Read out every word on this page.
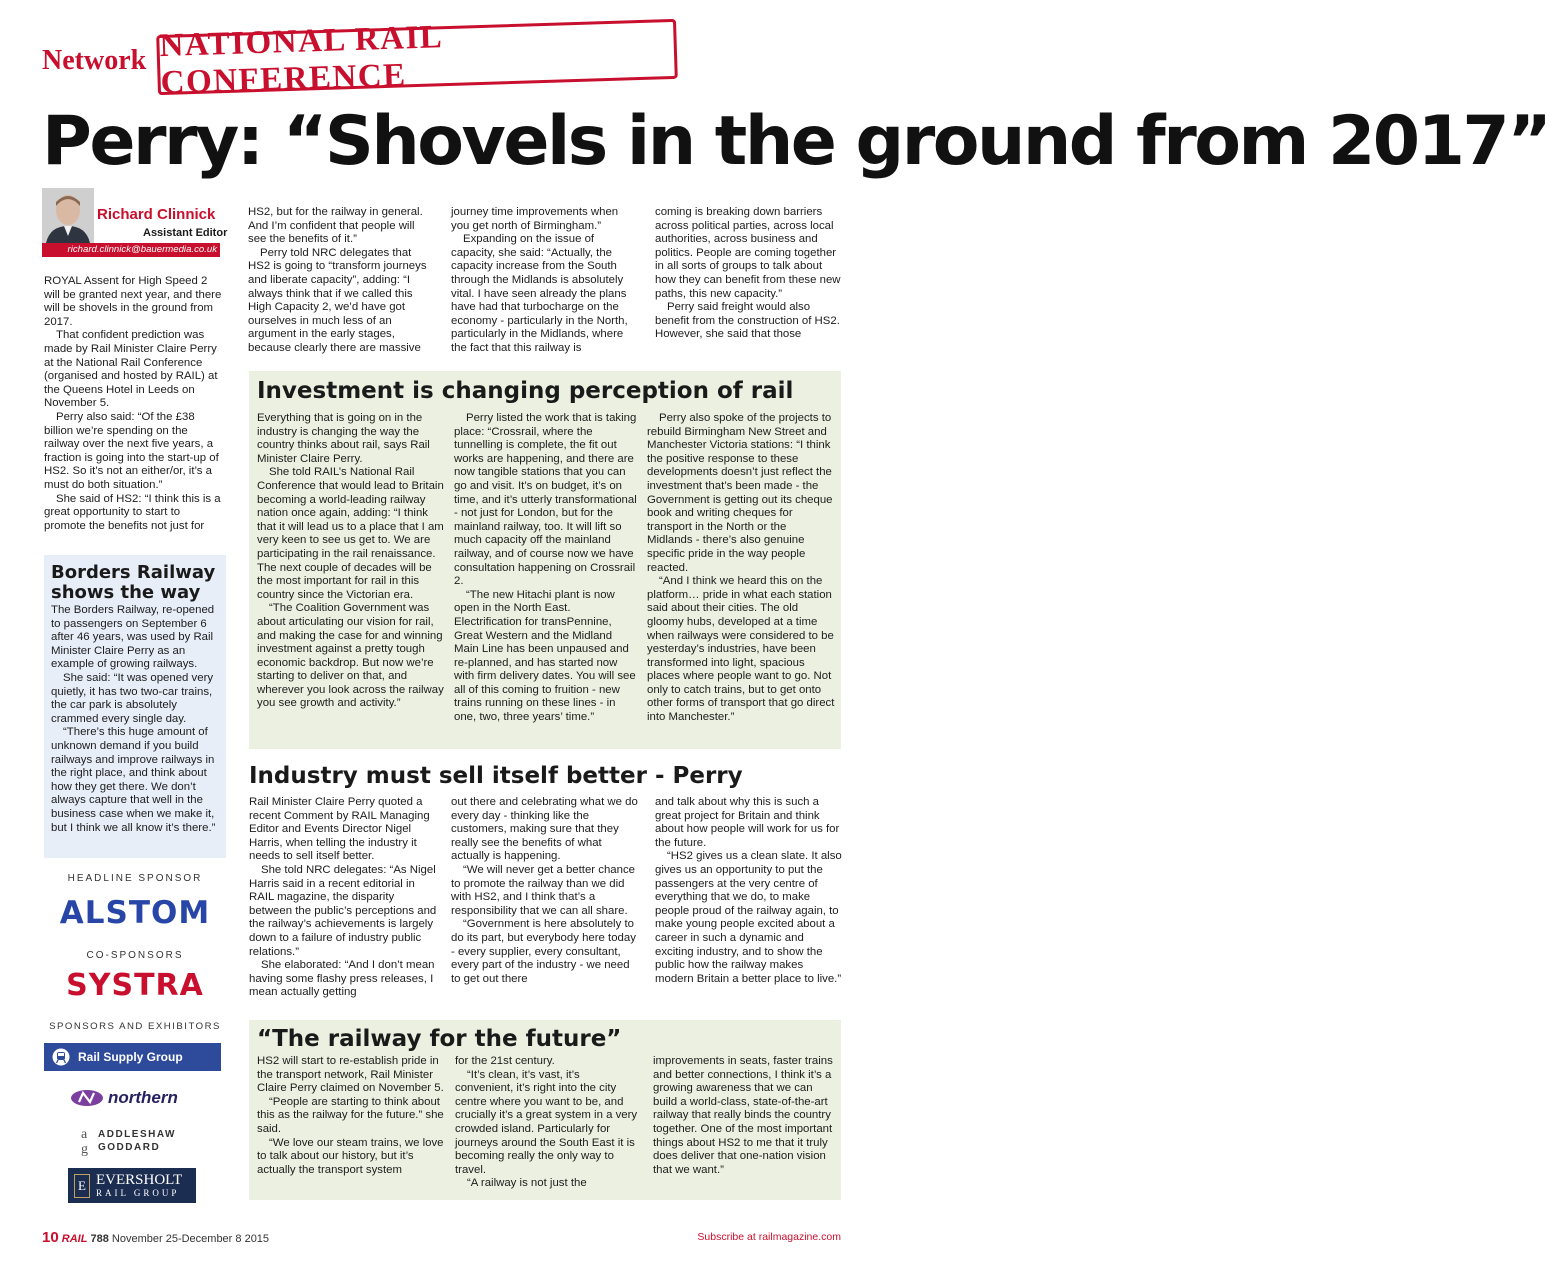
Network NATIONAL RAIL CONFERENCE
Perry: “Shovels in the ground from 2017”
Richard Clinnick
Assistant Editor
richard.clinnick@bauermedia.co.uk

ROYAL Assent for High Speed 2 will be granted next year, and there will be shovels in the ground from 2017.

That confident prediction was made by Rail Minister Claire Perry at the National Rail Conference (organised and hosted by RAIL) at the Queens Hotel in Leeds on November 5.

Perry also said: “Of the £38 billion we’re spending on the railway over the next five years, a fraction is going into the start-up of HS2. So it’s not an either/or, it’s a must do both situation.”

She said of HS2: “I think this is a great opportunity to start to promote the benefits not just for

HS2, but for the railway in general. And I’m confident that people will see the benefits of it.”

Perry told NRC delegates that HS2 is going to “transform journeys and liberate capacity”, adding: “I always think that if we called this High Capacity 2, we’d have got ourselves in much less of an argument in the early stages, because clearly there are massive

journey time improvements when you get north of Birmingham.”

Expanding on the issue of capacity, she said: “Actually, the capacity increase from the South through the Midlands is absolutely vital. I have seen already the plans have had that turbocharge on the economy - particularly in the North, particularly in the Midlands, where the fact that this railway is

coming is breaking down barriers across political parties, across local authorities, across business and politics. People are coming together in all sorts of groups to talk about how they can benefit from these new paths, this new capacity.”

Perry said freight would also benefit from the construction of HS2. However, she said that those

Borders Railway shows the way

The Borders Railway, re-opened to passengers on September 6 after 46 years, was used by Rail Minister Claire Perry as an example of growing railways.

She said: “It was opened very quietly, it has two two-car trains, the car park is absolutely crammed every single day.

“There’s this huge amount of unknown demand if you build railways and improve railways in the right place, and think about how they get there. We don’t always capture that well in the business case when we make it, but I think we all know it’s there.”

HEADLINE SPONSOR
ALSTOM
CO-SPONSORS
SYSTRA
SPONSORS AND EXHIBITORS
Rail Supply Group
northern
a
g
ADDLESHAW
GODDARD
E EVERSHOLT
RAIL GROUP
Investment is changing perception of rail

Everything that is going on in the industry is changing the way the country thinks about rail, says Rail Minister Claire Perry.

She told RAIL’s National Rail Conference that would lead to Britain becoming a world-leading railway nation once again, adding: “I think that it will lead us to a place that I am very keen to see us get to. We are participating in the rail renaissance. The next couple of decades will be the most important for rail in this country since the Victorian era.

“The Coalition Government was about articulating our vision for rail, and making the case for and winning investment against a pretty tough economic backdrop. But now we’re starting to deliver on that, and wherever you look across the railway you see growth and activity.”

Perry listed the work that is taking place: “Crossrail, where the tunnelling is complete, the fit out works are happening, and there are now tangible stations that you can go and visit. It’s on budget, it’s on time, and it’s utterly transformational - not just for London, but for the mainland railway, too. It will lift so much capacity off the mainland railway, and of course now we have consultation happening on Crossrail 2.

“The new Hitachi plant is now open in the North East. Electrification for transPennine, Great Western and the Midland Main Line has been unpaused and re-planned, and has started now with firm delivery dates. You will see all of this coming to fruition - new trains running on these lines - in one, two, three years’ time.”

Perry also spoke of the projects to rebuild Birmingham New Street and Manchester Victoria stations: “I think the positive response to these developments doesn’t just reflect the investment that’s been made - the Government is getting out its cheque book and writing cheques for transport in the North or the Midlands - there’s also genuine specific pride in the way people reacted.

“And I think we heard this on the platform… pride in what each station said about their cities. The old gloomy hubs, developed at a time when railways were considered to be yesterday’s industries, have been transformed into light, spacious places where people want to go. Not only to catch trains, but to get onto other forms of transport that go direct into Manchester.”

Industry must sell itself better - Perry

Rail Minister Claire Perry quoted a recent Comment by RAIL Managing Editor and Events Director Nigel Harris, when telling the industry it needs to sell itself better.

She told NRC delegates: “As Nigel Harris said in a recent editorial in RAIL magazine, the disparity between the public’s perceptions and the railway’s achievements is largely down to a failure of industry public relations.”

She elaborated: “And I don’t mean having some flashy press releases, I mean actually getting

out there and celebrating what we do every day - thinking like the customers, making sure that they really see the benefits of what actually is happening.

“We will never get a better chance to promote the railway than we did with HS2, and I think that’s a responsibility that we can all share.

“Government is here absolutely to do its part, but everybody here today - every supplier, every consultant, every part of the industry - we need to get out there

and talk about why this is such a great project for Britain and think about how people will work for us for the future.

“HS2 gives us a clean slate. It also gives us an opportunity to put the passengers at the very centre of everything that we do, to make people proud of the railway again, to make young people excited about a career in such a dynamic and exciting industry, and to show the public how the railway makes modern Britain a better place to live.”

“The railway for the future”

HS2 will start to re-establish pride in the transport network, Rail Minister Claire Perry claimed on November 5.

“People are starting to think about this as the railway for the future.” she said.

“We love our steam trains, we love to talk about our history, but it’s actually the transport system

for the 21st century.

“It’s clean, it’s vast, it’s convenient, it’s right into the city centre where you want to be, and crucially it’s a great system in a very crowded island. Particularly for journeys around the South East it is becoming really the only way to travel.

“A railway is not just the

improvements in seats, faster trains and better connections, I think it’s a growing awareness that we can build a world-class, state-of-the-art railway that really binds the country together. One of the most important things about HS2 to me that it truly does deliver that one-nation vision that we want.”

10 RAIL 788 November 25-December 8 2015	Subscribe at railmagazine.com
